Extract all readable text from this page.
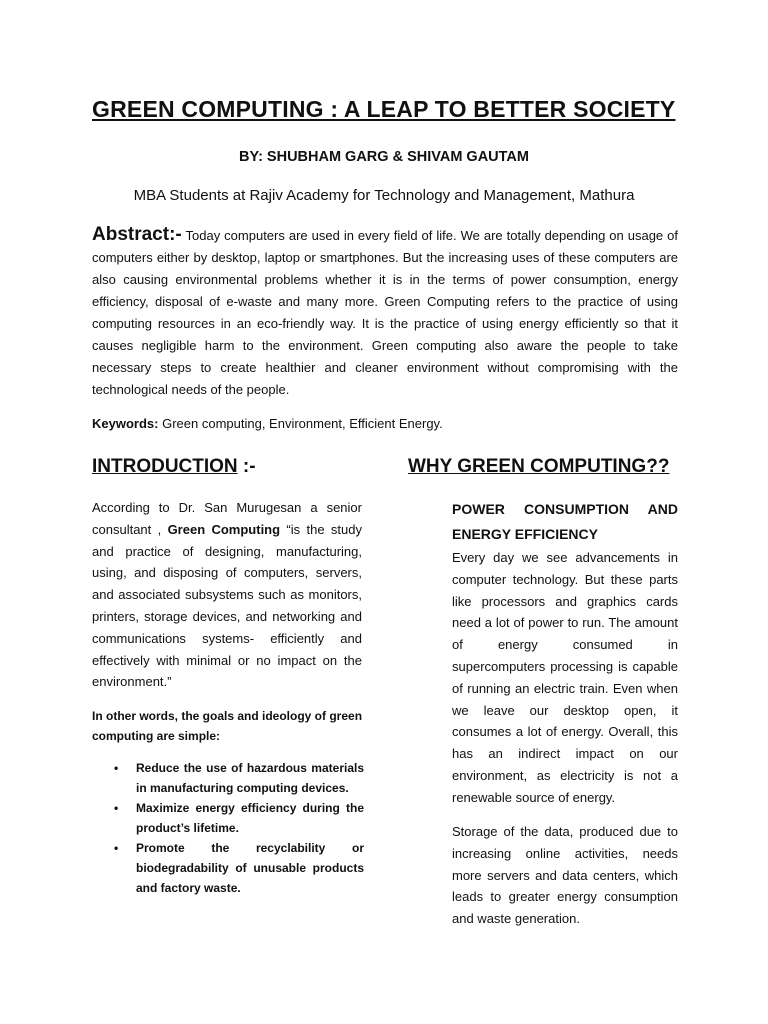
GREEN COMPUTING : A LEAP TO BETTER SOCIETY
BY: SHUBHAM GARG & SHIVAM GAUTAM
MBA Students at Rajiv Academy for Technology and Management, Mathura
Abstract:- Today computers are used in every field of life. We are totally depending on usage of computers either by desktop, laptop or smartphones. But the increasing uses of these computers are also causing environmental problems whether it is in the terms of power consumption, energy efficiency, disposal of e-waste and many more. Green Computing refers to the practice of using computing resources in an eco-friendly way. It is the practice of using energy efficiently so that it causes negligible harm to the environment. Green computing also aware the people to take necessary steps to create healthier and cleaner environment without compromising with the technological needs of the people.
Keywords: Green computing, Environment, Efficient Energy.
INTRODUCTION :-	WHY GREEN COMPUTING??
According to Dr. San Murugesan a senior consultant , Green Computing “is the study and practice of designing, manufacturing, using, and disposing of computers, servers, and associated subsystems such as monitors, printers, storage devices, and networking and communications systems- efficiently and effectively with minimal or no impact on the environment.”
In other words, the goals and ideology of green computing are simple:
• Reduce the use of hazardous materials in manufacturing computing devices.
• Maximize energy efficiency during the product’s lifetime.
• Promote the recyclability or biodegradability of unusable products and factory waste.
POWER CONSUMPTION AND
ENERGY EFFICIENCY
Every day we see advancements in computer technology. But these parts like processors and graphics cards need a lot of power to run. The amount of energy consumed in supercomputers processing is capable of running an electric train. Even when we leave our desktop open, it consumes a lot of energy. Overall, this has an indirect impact on our environment, as electricity is not a renewable source of energy.
Storage of the data, produced due to increasing online activities, needs more servers and data centers, which leads to greater energy consumption and waste generation.
